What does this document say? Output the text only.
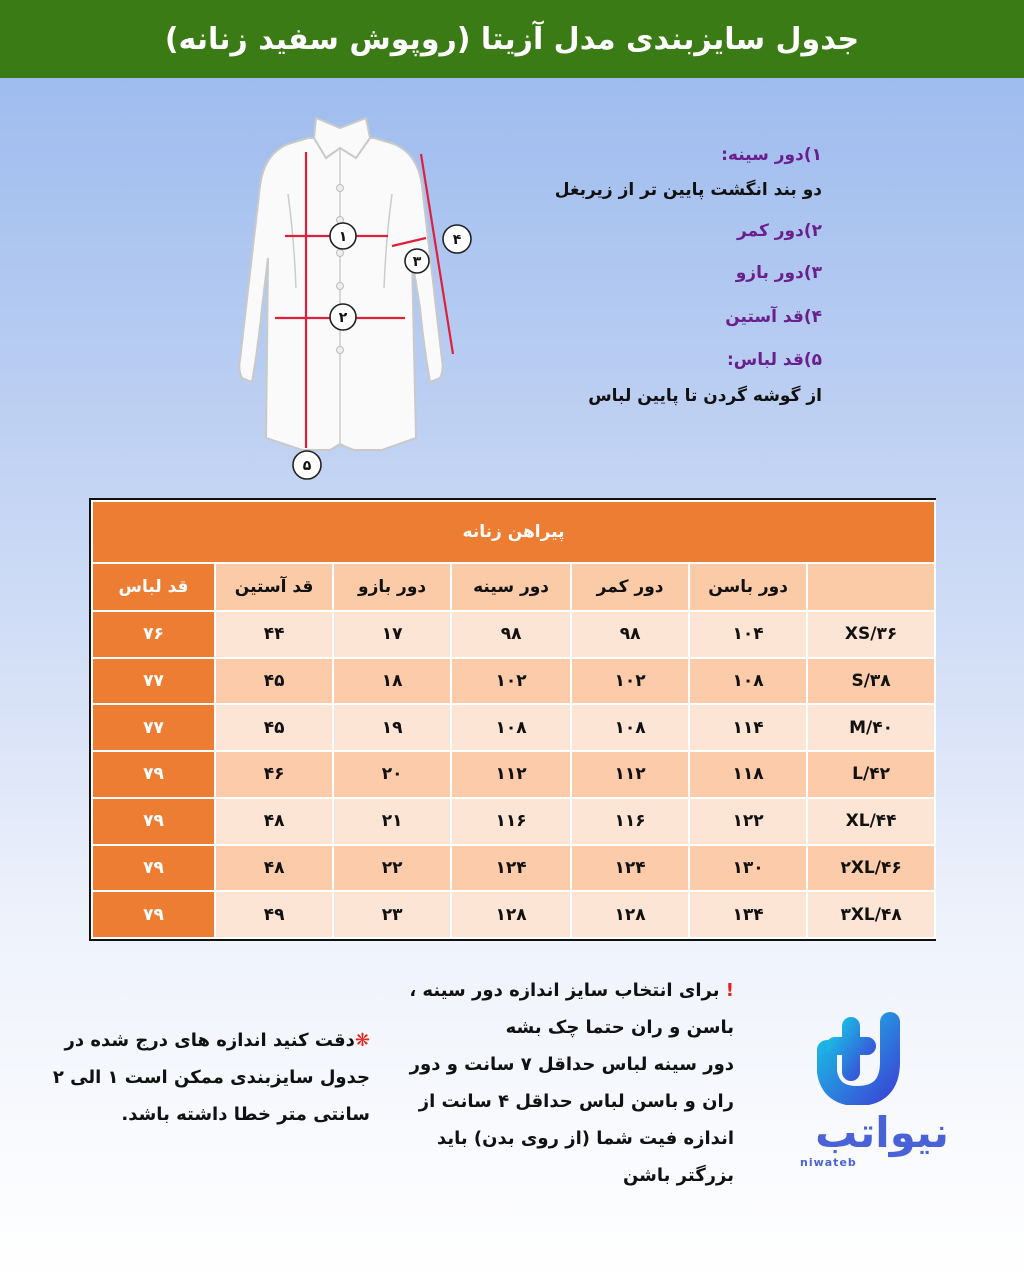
جدول سایزبندی مدل آزیتا (روپوش سفید زنانه)
۱
۲
۳
۴
۵
۱)دور سینه:
دو بند انگشت پایین تر از زیربغل
۲)دور کمر
۳)دور بازو
۴)قد آستین
۵)قد لباس:
از گوشه گردن تا پایین لباس
پیراهن زنانه						
	دور باسن	دور کمر	دور سینه	دور بازو	قد آستین	قد لباس
XS/۳۶	۱۰۴	۹۸	۹۸	۱۷	۴۴	۷۶
S/۳۸	۱۰۸	۱۰۲	۱۰۲	۱۸	۴۵	۷۷
M/۴۰	۱۱۴	۱۰۸	۱۰۸	۱۹	۴۵	۷۷
L/۴۲	۱۱۸	۱۱۲	۱۱۲	۲۰	۴۶	۷۹
XL/۴۴	۱۲۲	۱۱۶	۱۱۶	۲۱	۴۸	۷۹
۲XL/۴۶	۱۳۰	۱۲۴	۱۲۴	۲۲	۴۸	۷۹
۳XL/۴۸	۱۳۴	۱۲۸	۱۲۸	۲۳	۴۹	۷۹
! برای انتخاب سایز اندازه دور سینه ،
باسن و ران حتما چک بشه
دور سینه لباس حداقل ۷ سانت و دور
ران و باسن لباس حداقل ۴ سانت از
اندازه فیت شما (از روی بدن) باید
بزرگتر باشن
❋دقت کنید اندازه های درج شده در
جدول سایزبندی ممکن است ۱ الی ۲
سانتی متر خطا داشته باشد.	نیواتب
niwateb
